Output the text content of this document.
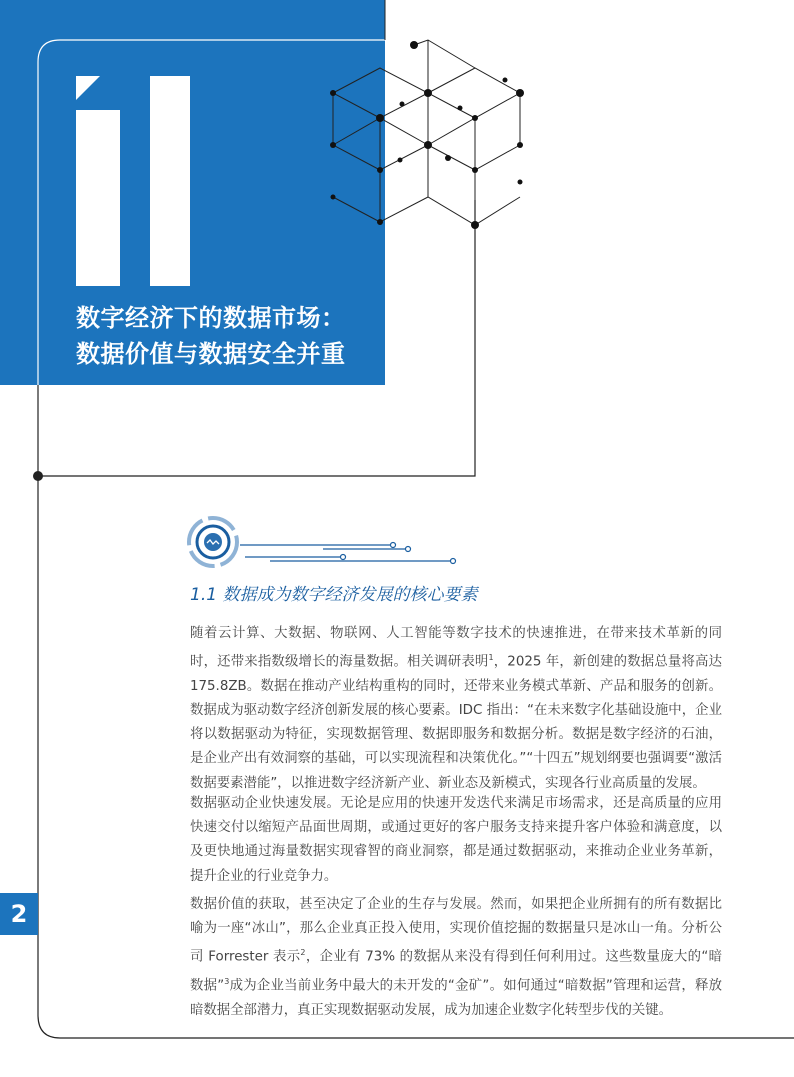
数字经济下的数据市场：
数据价值与数据安全并重
1.1 数据成为数字经济发展的核心要素

随着云计算、大数据、物联网、人工智能等数字技术的快速推进，在带来技术革新的同时，还带来指数级增长的海量数据。相关调研表明$^1$，2025 年，新创建的数据总量将高达 175.8ZB。数据在推动产业结构重构的同时，还带来业务模式革新、产品和服务的创新。数据成为驱动数字经济创新发展的核心要素。IDC 指出：“在未来数字化基础设施中，企业将以数据驱动为特征，实现数据管理、数据即服务和数据分析。数据是数字经济的石油，是企业产出有效洞察的基础，可以实现流程和决策优化。”“十四五”规划纲要也强调要“激活数据要素潜能”，以推进数字经济新产业、新业态及新模式，实现各行业高质量的发展。

数据驱动企业快速发展。无论是应用的快速开发迭代来满足市场需求，还是高质量的应用快速交付以缩短产品面世周期，或通过更好的客户服务支持来提升客户体验和满意度，以及更快地通过海量数据实现睿智的商业洞察，都是通过数据驱动，来推动企业业务革新，提升企业的行业竞争力。

数据价值的获取，甚至决定了企业的生存与发展。然而，如果把企业所拥有的所有数据比喻为一座“冰山”，那么企业真正投入使用，实现价值挖掘的数据量只是冰山一角。分析公司 Forrester 表示$^2$，企业有 73% 的数据从来没有得到任何利用过。这些数量庞大的“暗数据”$^3$成为企业当前业务中最大的未开发的“金矿”。如何通过“暗数据”管理和运营，释放暗数据全部潜力，真正实现数据驱动发展，成为加速企业数字化转型步伐的关键。

2
